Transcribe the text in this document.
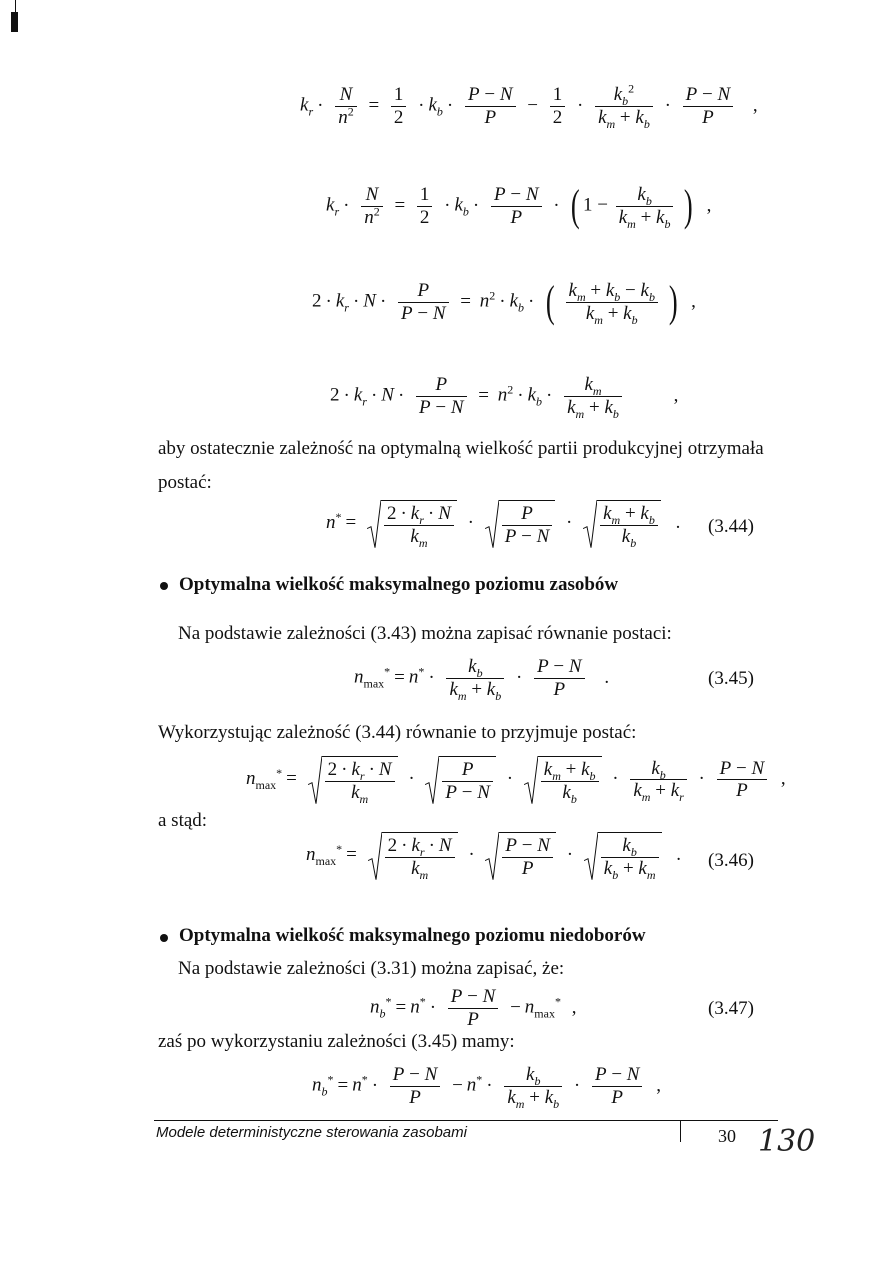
$k_r \cdot \frac{N}{n^2} = \frac{1}{2} \cdot k_b \cdot \frac{P - N}{P} - \frac{1}{2} \cdot \frac{k_b^2}{k_m + k_b} \cdot \frac{P - N}{P}$ ,
$k_r \cdot \frac{N}{n^2} = \frac{1}{2} \cdot k_b \cdot \frac{P - N}{P}$ · ( $1 - \frac{k_b}{k_m + k_b}$ ) ,
$2 \cdot k_r \cdot N \cdot \frac{P}{P - N} = n^2 \cdot k_b$ · ( $\frac{k_m + k_b - k_b}{k_m + k_b}$ ) ,
$2 \cdot k_r \cdot N \cdot \frac{P}{P - N} = n^2 \cdot k_b \cdot \frac{k_m}{k_m + k_b}$	,
aby ostatecznie zależność na optymalną wielkość partii produkcyjnej otrzymała
postać:
$n^* = \frac{2 \cdot k_r \cdot N}{k_m} \cdot \frac{P}{P - N} \cdot \frac{k_m + k_b}{k_b}$ . (3.44)
Optymalna wielkość maksymalnego poziomu zasobów
Na podstawie zależności (3.43) można zapisać równanie postaci:
$n_{max}^* = n^* \cdot \frac{k_b}{k_m + k_b} \cdot \frac{P - N}{P}$ .	(3.45)
Wykorzystując zależność (3.44) równanie to przyjmuje postać:
$n_{max}^* = \frac{2 \cdot k_r \cdot N}{k_m} \cdot \frac{P}{P - N} \cdot \frac{k_m + k_b}{k_b} \cdot \frac{k_b}{k_m + k_r} \cdot \frac{P - N}{P}$ ,
a stąd:
$n_{max}^* = \frac{2 \cdot k_r \cdot N}{k_m} \cdot \frac{P - N}{P} \cdot \frac{k_b}{k_b + k_m}$ . (3.46)
Optymalna wielkość maksymalnego poziomu niedoborów
Na podstawie zależności (3.31) można zapisać, że:
$n_b^* = n^* \cdot \frac{P - N}{P} - n_{max}^*$ ,	(3.47)
zaś po wykorzystaniu zależności (3.45) mamy:
$n_b^* = n^* \cdot \frac{P - N}{P} - n^* \cdot \frac{k_b}{k_m + k_b} \cdot \frac{P - N}{P}$ ,
Modele deterministyczne sterowania zasobami	30 130
